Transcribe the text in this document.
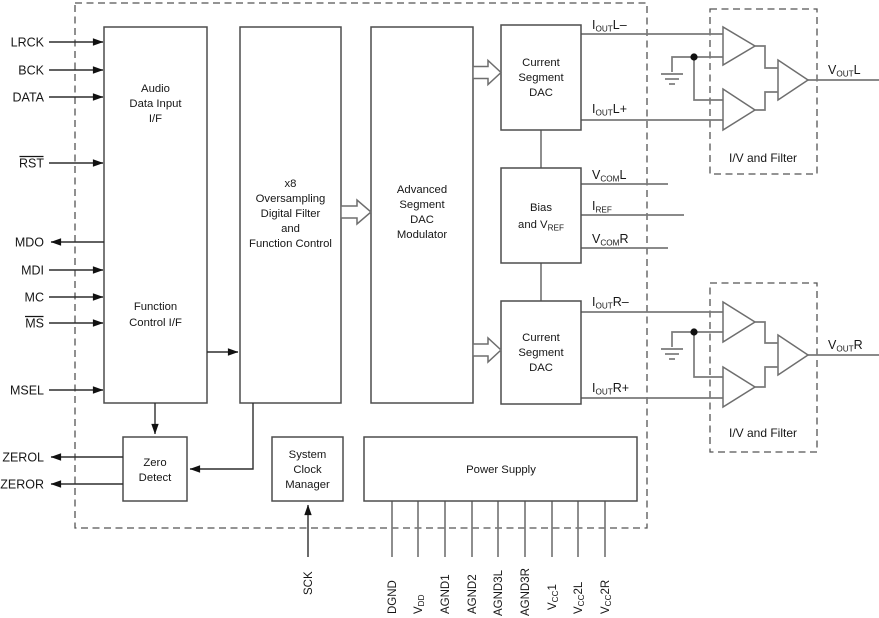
LRCK
BCK
DATA
RST
MDO
MDI
MC
MS
MSEL
ZEROL
ZEROR
Audio
Data Input
I/F
Function
Control I/F
x8
Oversampling
Digital Filter
and
Function Control
Advanced
Segment
DAC
Modulator
Current
Segment
DAC
Bias
and $V_{REF}$
Current
Segment
DAC
Zero
Detect
System
Clock
Manager
Power Supply
I/V and Filter
I/V and Filter
$I_{OUT}L-$
$I_{OUT}L+$
$V_{COM}L$
$I_{REF}$
$V_{COM}R$
$I_{OUT}R-$
$I_{OUT}R+$
$V_{OUT}L$
$V_{OUT}R$
SCK	DGND VDD AGND1 AGND2 AGND3L AGND3R VCC1
VCC2L
VCC2R
